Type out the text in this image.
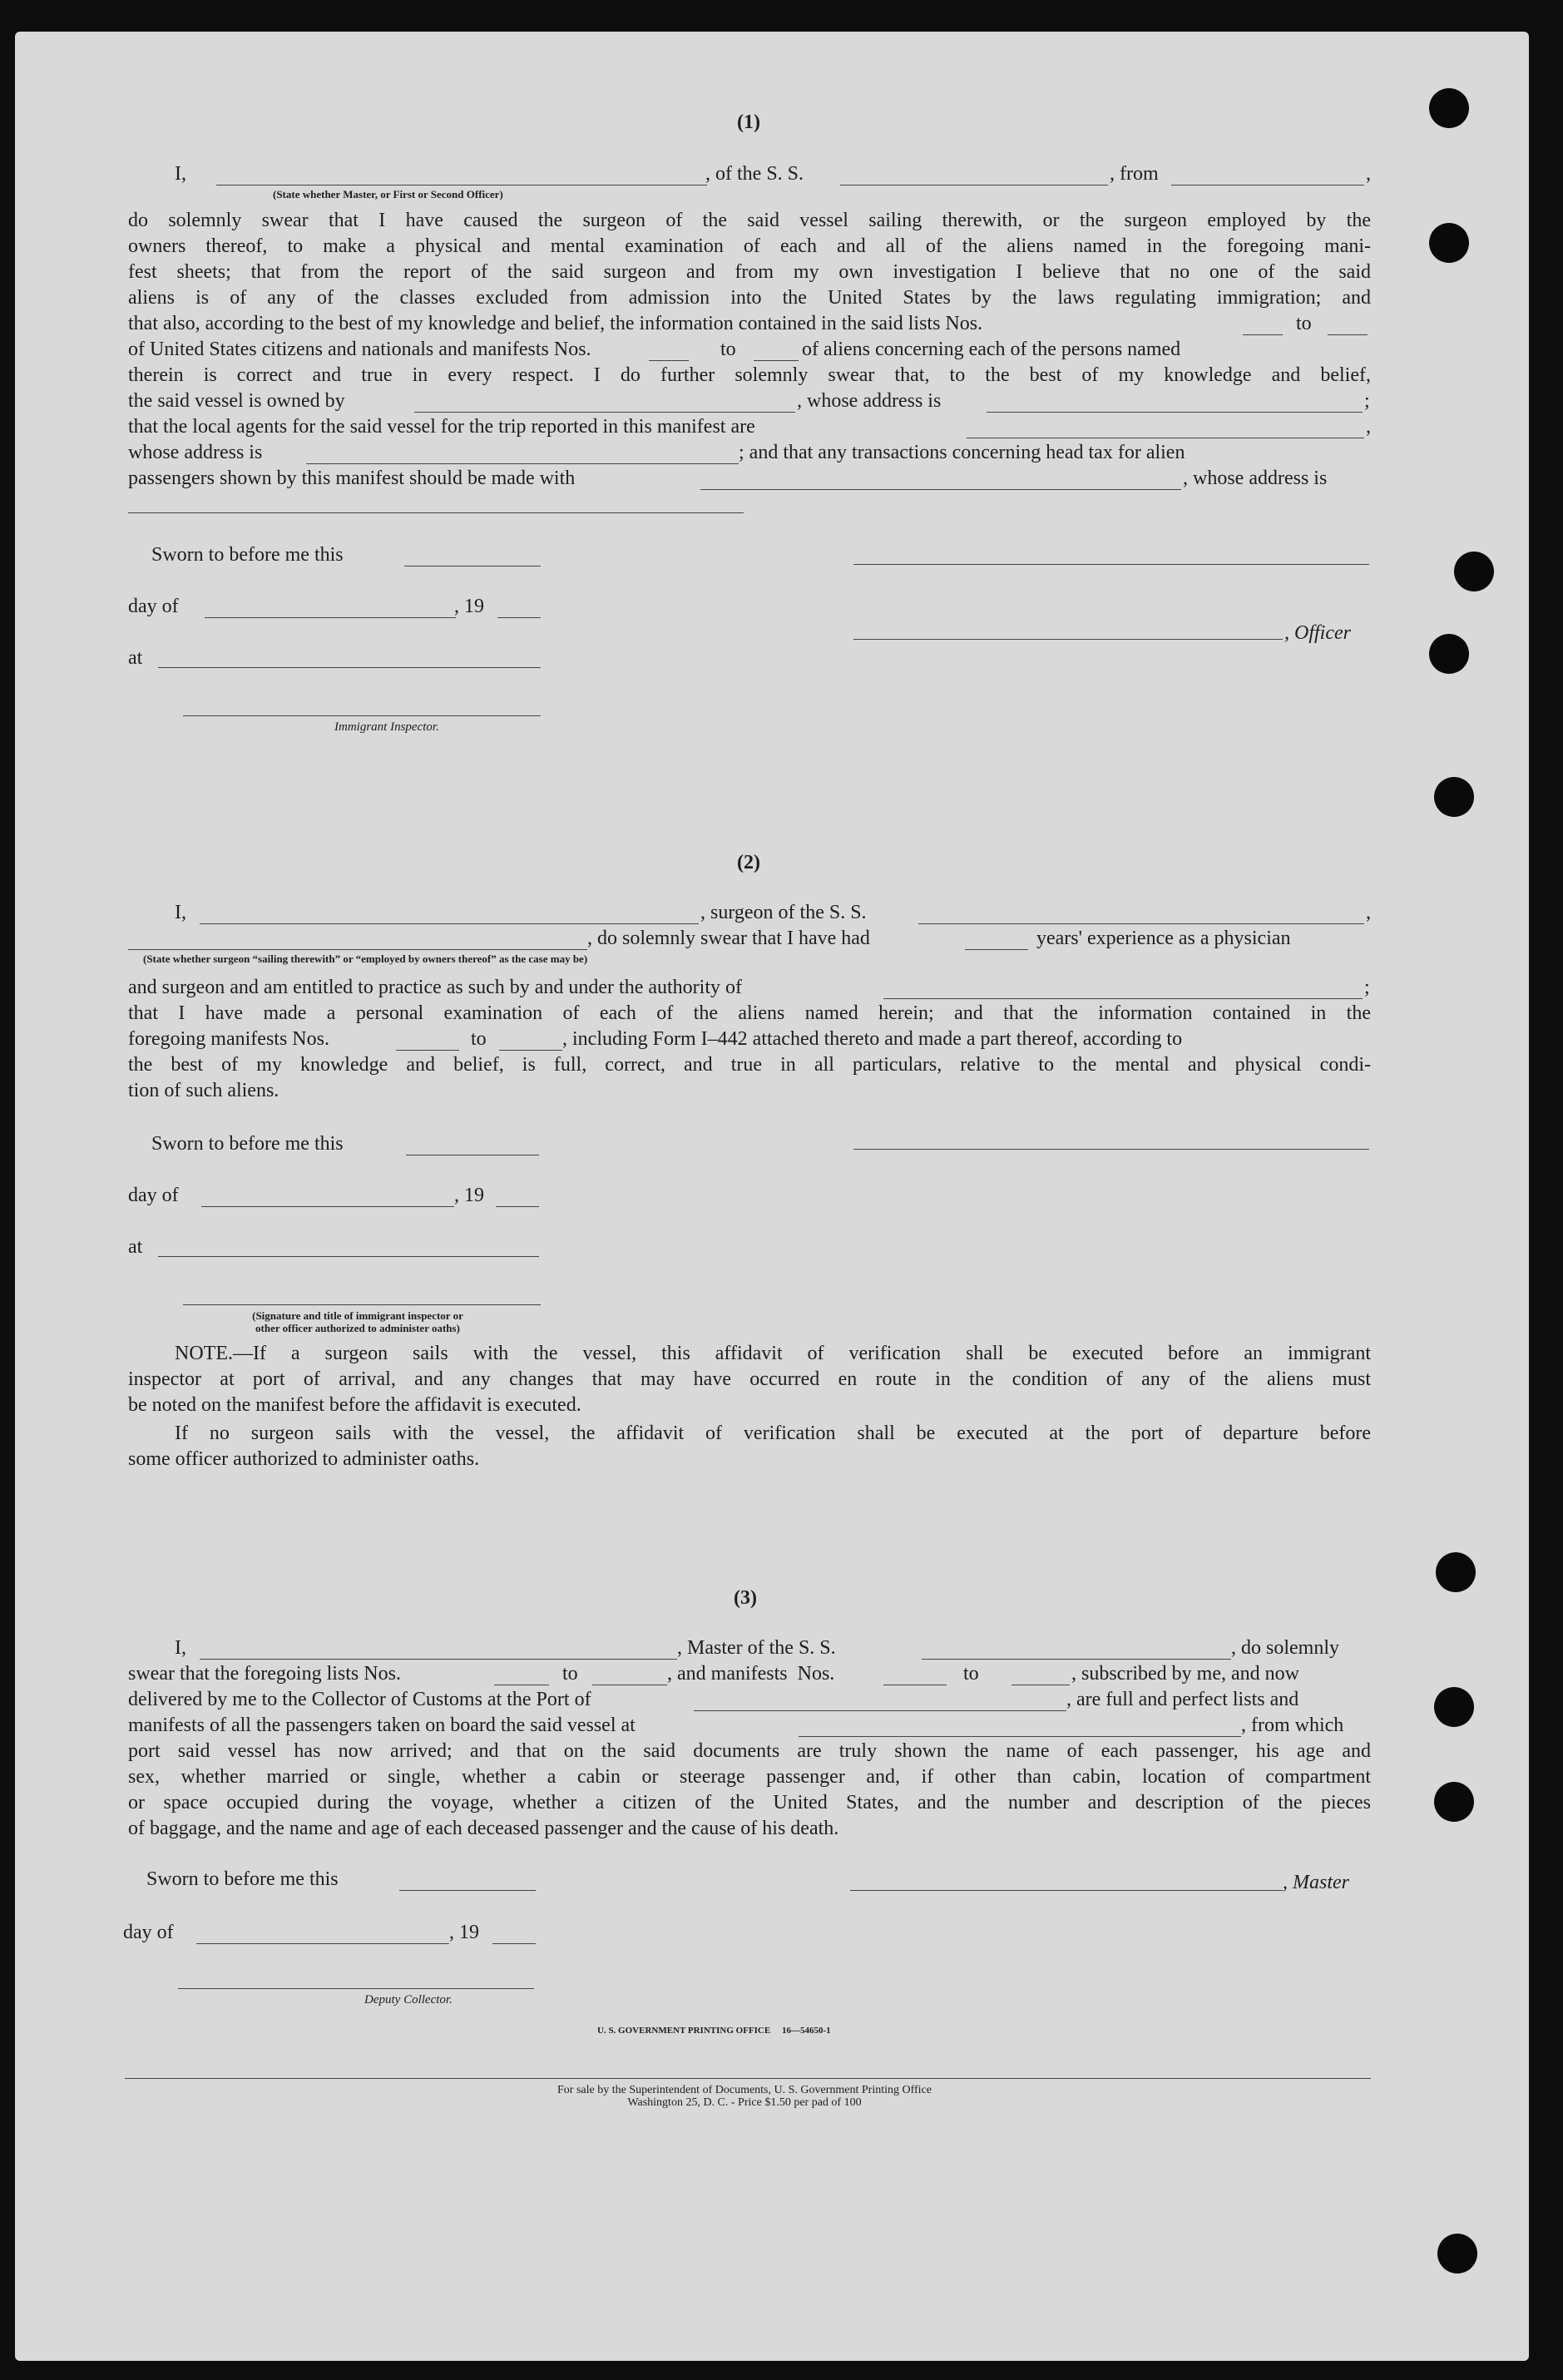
(1)
I,	, of the S. S.	, from	,
(State whether Master, or First or Second Officer)
do solemnly swear that I have caused the surgeon of the said vessel sailing therewith, or the surgeon employed by the
owners thereof, to make a physical and mental examination of each and all of the aliens named in the foregoing mani-
fest sheets; that from the report of the said surgeon and from my own investigation I believe that no one of the said
aliens is of any of the classes excluded from admission into the United States by the laws regulating immigration; and
that also, according to the best of my knowledge and belief, the information contained in the said lists Nos.	to
of United States citizens and nationals and manifests Nos.	to	of aliens concerning each of the persons named
therein is correct and true in every respect. I do further solemnly swear that, to the best of my knowledge and belief,
the said vessel is owned by	, whose address is	;
that the local agents for the said vessel for the trip reported in this manifest are	,
whose address is	; and that any transactions concerning head tax for alien
passengers shown by this manifest should be made with	, whose address is
Sworn to before me this
day of	, 19
, Officer
at
Immigrant Inspector.
(2)
I,	, surgeon of the S. S.	,
, do solemnly swear that I have had	years' experience as a physician
(State whether surgeon “sailing therewith” or “employed by owners thereof” as the case may be)
and surgeon and am entitled to practice as such by and under the authority of	;
that I have made a personal examination of each of the aliens named herein; and that the information contained in the
foregoing manifests Nos.	to	, including Form I–442 attached thereto and made a part thereof, according to
the best of my knowledge and belief, is full, correct, and true in all particulars, relative to the mental and physical condi-
tion of such aliens.
Sworn to before me this
day of	, 19
at
(Signature and title of immigrant inspector or
other officer authorized to administer oaths)
NOTE.—If a surgeon sails with the vessel, this affidavit of verification shall be executed before an immigrant
inspector at port of arrival, and any changes that may have occurred en route in the condition of any of the aliens must
be noted on the manifest before the affidavit is executed.
If no surgeon sails with the vessel, the affidavit of verification shall be executed at the port of departure before
some officer authorized to administer oaths.
(3)
I,	, Master of the S. S.	, do solemnly
swear that the foregoing lists Nos.	to	, and manifests  Nos.	to	, subscribed by me, and now
delivered by me to the Collector of Customs at the Port of	, are full and perfect lists and
manifests of all the passengers taken on board the said vessel at	, from which
port said vessel has now arrived; and that on the said documents are truly shown the name of each passenger, his age and
sex, whether married or single, whether a cabin or steerage passenger and, if other than cabin, location of compartment
or space occupied during the voyage, whether a citizen of the United States, and the number and description of the pieces
of baggage, and the name and age of each deceased passenger and the cause of his death.
Sworn to before me this	, Master
day of	, 19
Deputy Collector.
U. S. GOVERNMENT PRINTING OFFICE     16—54650-1
For sale by the Superintendent of Documents, U. S. Government Printing Office
Washington 25, D. C. - Price $1.50 per pad of 100
